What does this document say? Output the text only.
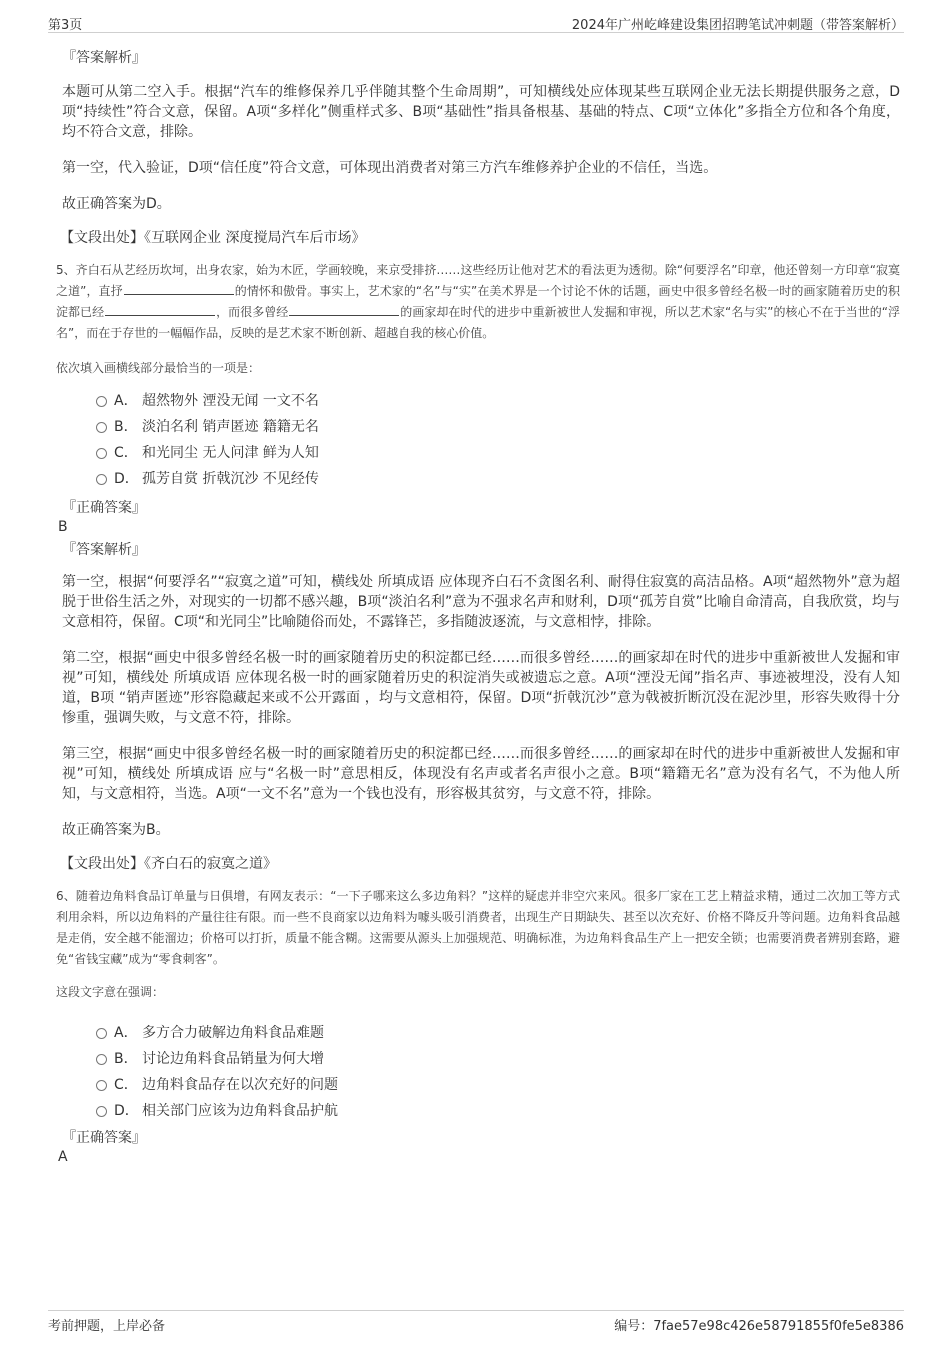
第3页	2024年广州屹峰建设集团招聘笔试冲刺题（带答案解析）
『答案解析』

本题可从第二空入手。根据“汽车的维修保养几乎伴随其整个生命周期”，可知横线处应体现某些互联网企业无法长期提供服务之意，D项“持续性”符合文意，保留。A项“多样化”侧重样式多、B项“基础性”指具备根基、基础的特点、C项“立体化”多指全方位和各个角度，均不符合文意，排除。

第一空，代入验证，D项“信任度”符合文意，可体现出消费者对第三方汽车维修养护企业的不信任，当选。

故正确答案为D。

【文段出处】《互联网企业 深度搅局汽车后市场》

5、齐白石从艺经历坎坷，出身农家，始为木匠，学画较晚，来京受排挤……这些经历让他对艺术的看法更为透彻。除“何要浮名”印章，他还曾刻一方印章“寂寞之道”，直抒	的情怀和傲骨。事实上，艺术家的“名”与“实”在美术界是一个讨论不休的话题，画史中很多曾经名极一时的画家随着历史的积淀都已经	，而很多曾经	的画家却在时代的进步中重新被世人发掘和审视，所以艺术家“名与实”的核心不在于当世的“浮名”，而在于存世的一幅幅作品，反映的是艺术家不断创新、超越自我的核心价值。

依次填入画横线部分最恰当的一项是：

A． 超然物外 湮没无闻 一文不名
B． 淡泊名利 销声匿迹 籍籍无名
C． 和光同尘 无人问津 鲜为人知
D． 孤芳自赏 折戟沉沙 不见经传
『正确答案』
B
『答案解析』

第一空，根据“何要浮名”“寂寞之道”可知，横线处 所填成语 应体现齐白石不贪图名利、耐得住寂寞的高洁品格。A项“超然物外”意为超脱于世俗生活之外，对现实的一切都不感兴趣，B项“淡泊名利”意为不强求名声和财利，D项“孤芳自赏”比喻自命清高，自我欣赏，均与文意相符，保留。C项“和光同尘”比喻随俗而处，不露锋芒，多指随波逐流，与文意相悖，排除。

第二空，根据“画史中很多曾经名极一时的画家随着历史的积淀都已经……而很多曾经……的画家却在时代的进步中重新被世人发掘和审视”可知，横线处 所填成语 应体现名极一时的画家随着历史的积淀消失或被遗忘之意。A项“湮没无闻”指名声、事迹被埋没，没有人知道，B项 “销声匿迹”形容隐藏起来或不公开露面 ，均与文意相符，保留。D项“折戟沉沙”意为戟被折断沉没在泥沙里，形容失败得十分惨重，强调失败，与文意不符，排除。

第三空，根据“画史中很多曾经名极一时的画家随着历史的积淀都已经……而很多曾经……的画家却在时代的进步中重新被世人发掘和审视”可知，横线处 所填成语 应与“名极一时”意思相反，体现没有名声或者名声很小之意。B项“籍籍无名”意为没有名气，不为他人所知，与文意相符，当选。A项“一文不名”意为一个钱也没有，形容极其贫穷，与文意不符，排除。

故正确答案为B。

【文段出处】《齐白石的寂寞之道》

6、随着边角料食品订单量与日俱增，有网友表示：“一下子哪来这么多边角料？”这样的疑虑并非空穴来风。很多厂家在工艺上精益求精，通过二次加工等方式利用余料，所以边角料的产量往往有限。而一些不良商家以边角料为噱头吸引消费者，出现生产日期缺失、甚至以次充好、价格不降反升等问题。边角料食品越是走俏，安全越不能溜边；价格可以打折，质量不能含糊。这需要从源头上加强规范、明确标准，为边角料食品生产上一把安全锁；也需要消费者辨别套路，避免“省钱宝藏”成为“零食刺客”。

这段文字意在强调：

A． 多方合力破解边角料食品难题
B． 讨论边角料食品销量为何大增
C． 边角料食品存在以次充好的问题
D． 相关部门应该为边角料食品护航
『正确答案』
A
考前押题，上岸必备	编号：7fae57e98c426e58791855f0fe5e8386
